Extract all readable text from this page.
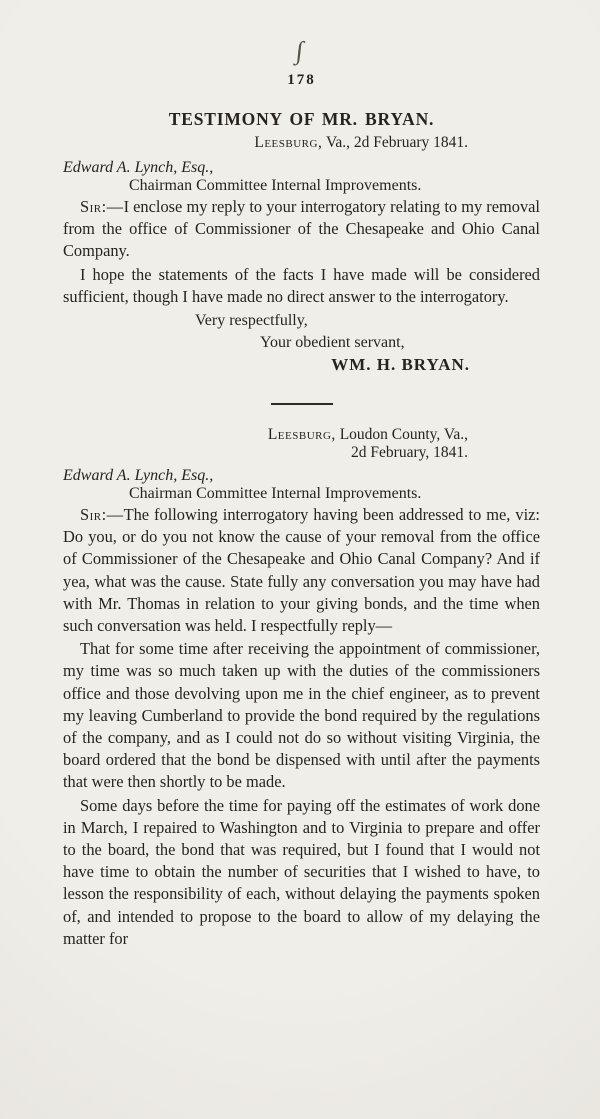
∫
178
TESTIMONY OF MR. BRYAN.
Leesburg, Va., 2d February 1841.
Edward A. Lynch, Esq.,
Chairman Committee Internal Improvements.

Sir:—I enclose my reply to your interrogatory relating to my removal from the office of Commissioner of the Chesapeake and Ohio Canal Company.

I hope the statements of the facts I have made will be considered sufficient, though I have made no direct answer to the interrogatory.

Very respectfully,
Your obedient servant,
WM. H. BRYAN.
Leesburg, Loudon County, Va.,
2d February, 1841.
Edward A. Lynch, Esq.,
Chairman Committee Internal Improvements.

Sir:—The following interrogatory having been addressed to me, viz: Do you, or do you not know the cause of your removal from the office of Commissioner of the Chesapeake and Ohio Canal Company? And if yea, what was the cause. State fully any conversation you may have had with Mr. Thomas in relation to your giving bonds, and the time when such conversation was held. I respectfully reply—

That for some time after receiving the appointment of commissioner, my time was so much taken up with the duties of the commissioners office and those devolving upon me in the chief engineer, as to prevent my leaving Cumberland to provide the bond required by the regulations of the company, and as I could not do so without visiting Virginia, the board ordered that the bond be dispensed with until after the payments that were then shortly to be made.

Some days before the time for paying off the estimates of work done in March, I repaired to Washington and to Virginia to prepare and offer to the board, the bond that was required, but I found that I would not have time to obtain the number of securities that I wished to have, to lesson the responsibility of each, without delaying the payments spoken of, and intended to propose to the board to allow of my delaying the matter for
